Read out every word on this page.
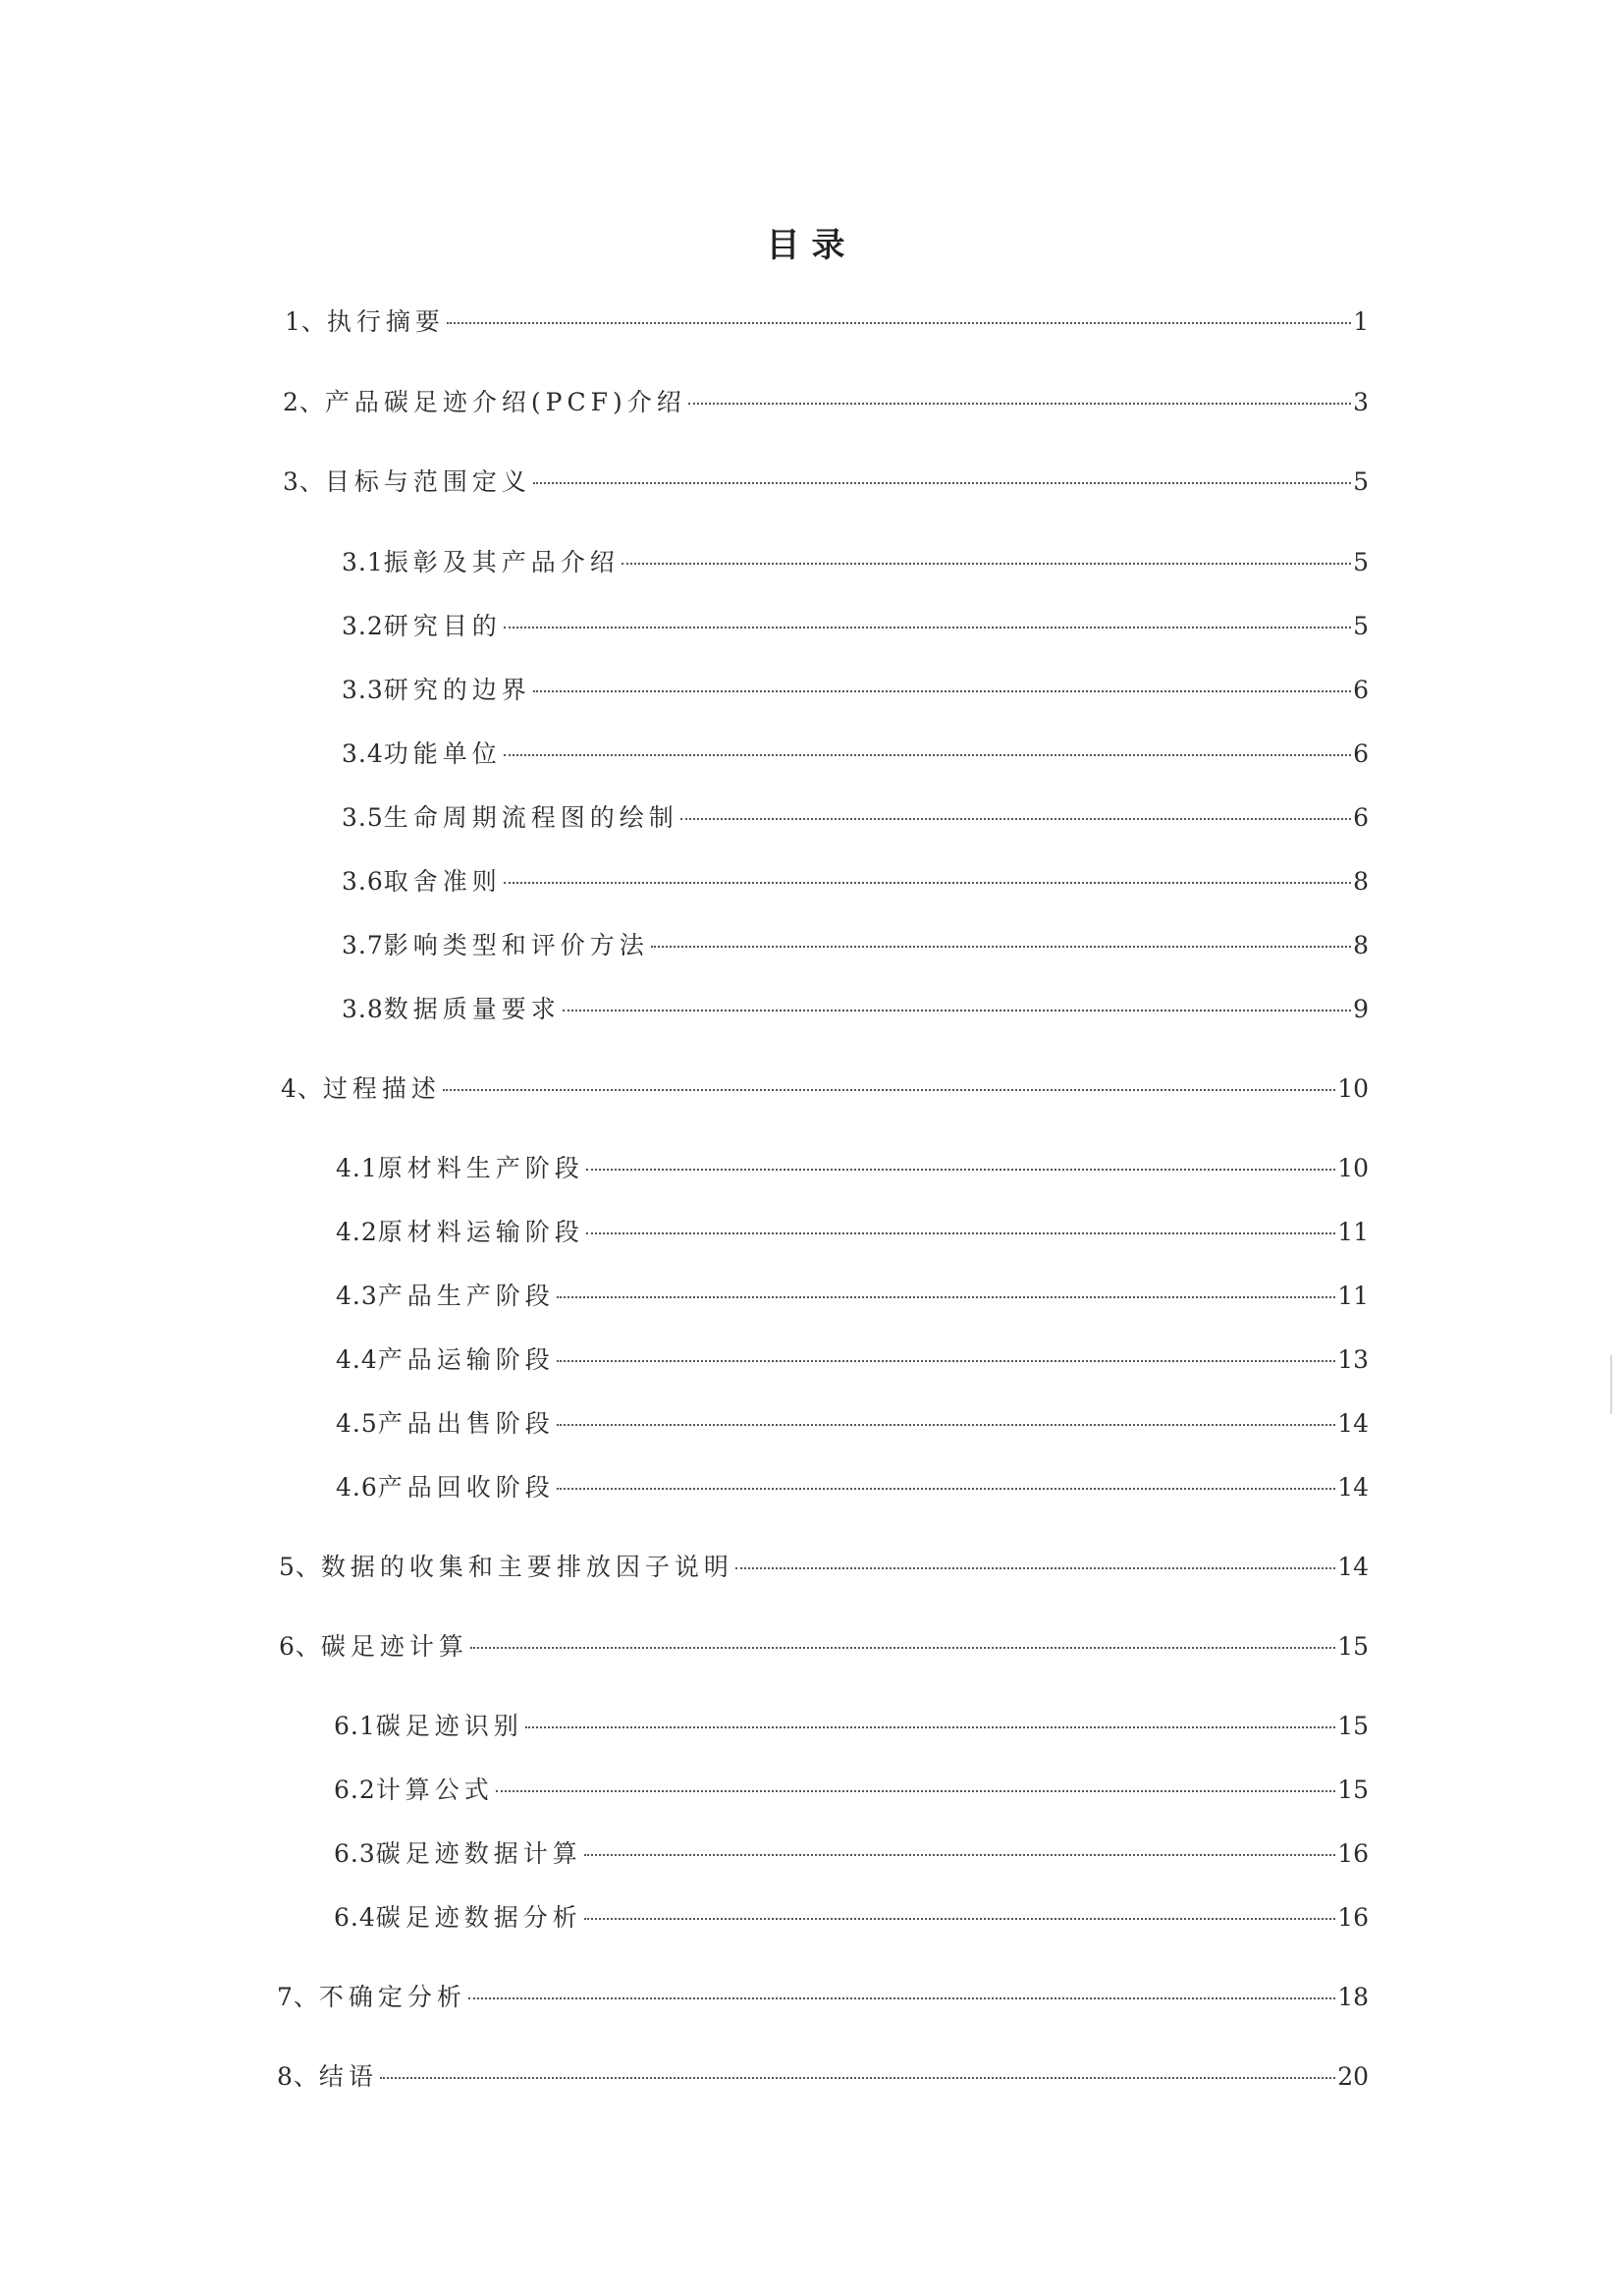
目录
1、 执行摘要	1
2、 产品碳足迹介绍(PCF)介绍	3
3、 目标与范围定义	5
3.1 振彰及其产品介绍	5
3.2 研究目的	5
3.3 研究的边界	6
3.4 功能单位	6
3.5 生命周期流程图的绘制	6
3.6 取舍准则	8
3.7 影响类型和评价方法	8
3.8 数据质量要求	9
4、 过程描述	10
4.1 原材料生产阶段	10
4.2 原材料运输阶段	11
4.3 产品生产阶段	11
4.4 产品运输阶段	13
4.5 产品出售阶段	14
4.6 产品回收阶段	14
5、 数据的收集和主要排放因子说明	14
6、 碳足迹计算	15
6.1 碳足迹识别	15
6.2 计算公式	15
6.3 碳足迹数据计算	16
6.4 碳足迹数据分析	16
7、 不确定分析	18
8、 结语	20
